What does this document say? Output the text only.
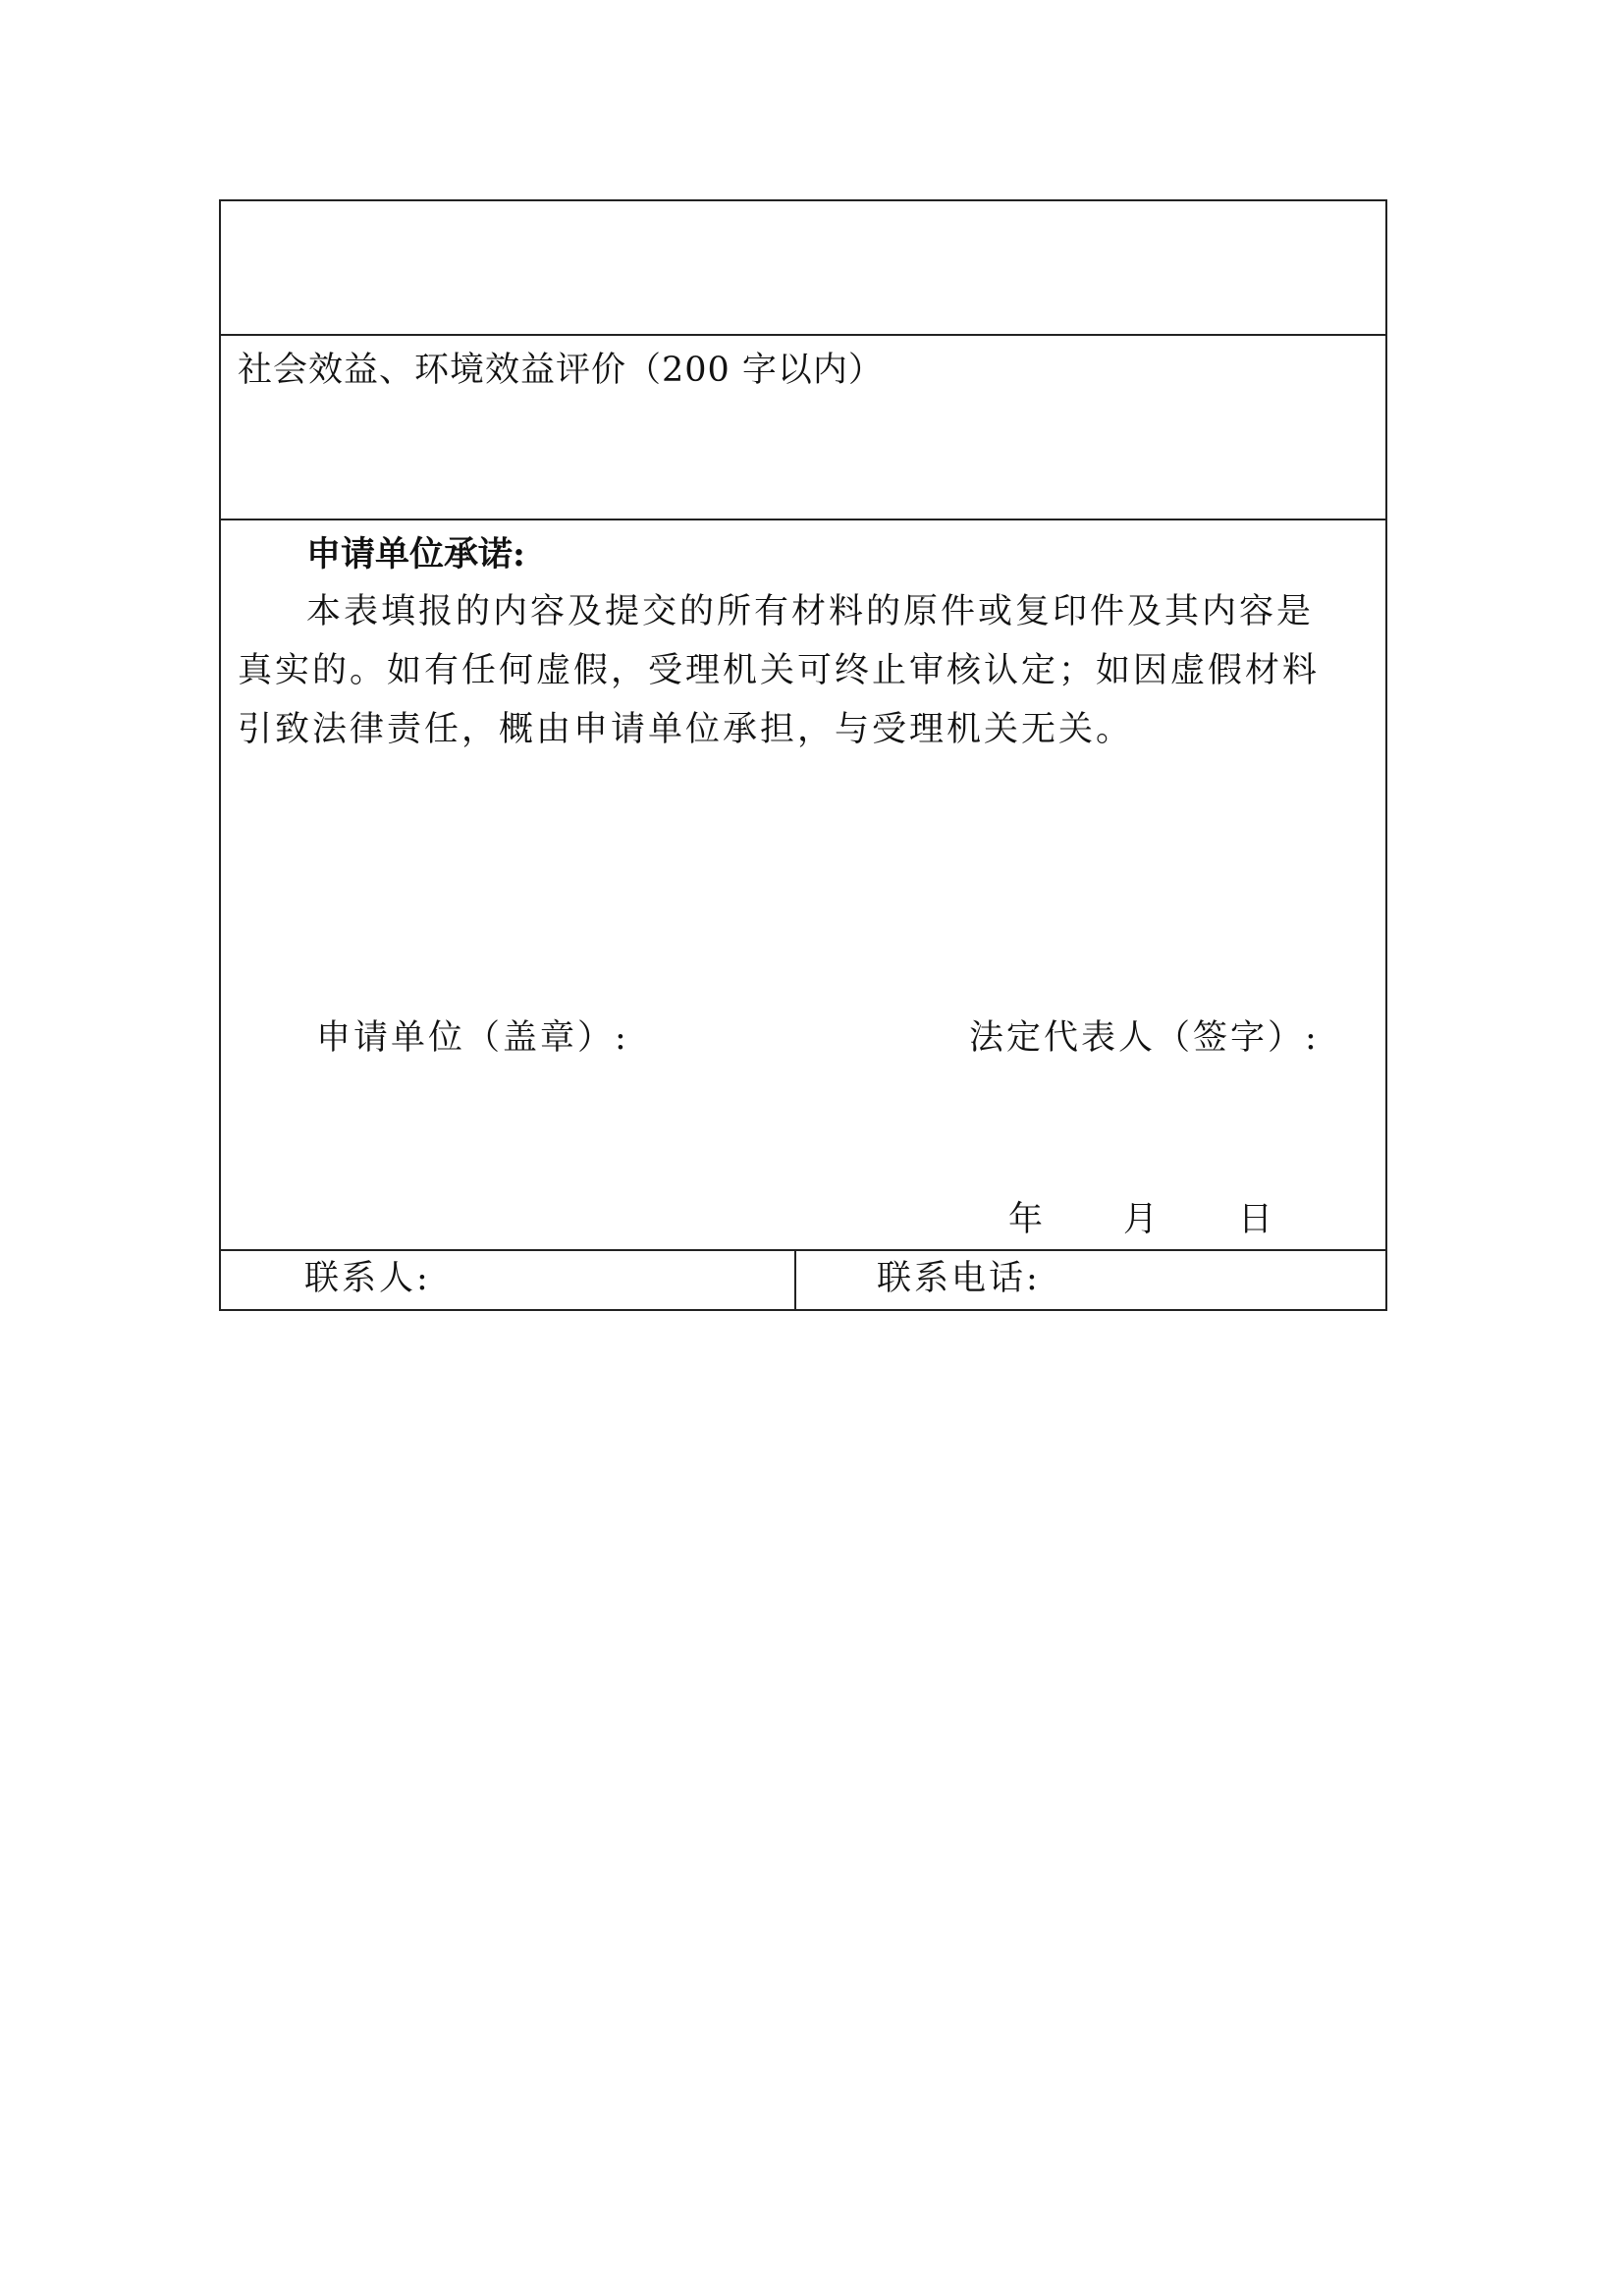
社会效益、环境效益评价（200 字以内）
申请单位承诺:
本表填报的内容及提交的所有材料的原件或复印件及其内容是
真实的。如有任何虚假，受理机关可终止审核认定；如因虚假材料
引致法律责任，概由申请单位承担，与受理机关无关。
申请单位（盖章）:	法定代表人（签字）:
年 月 日
联系人:	联系电话:
